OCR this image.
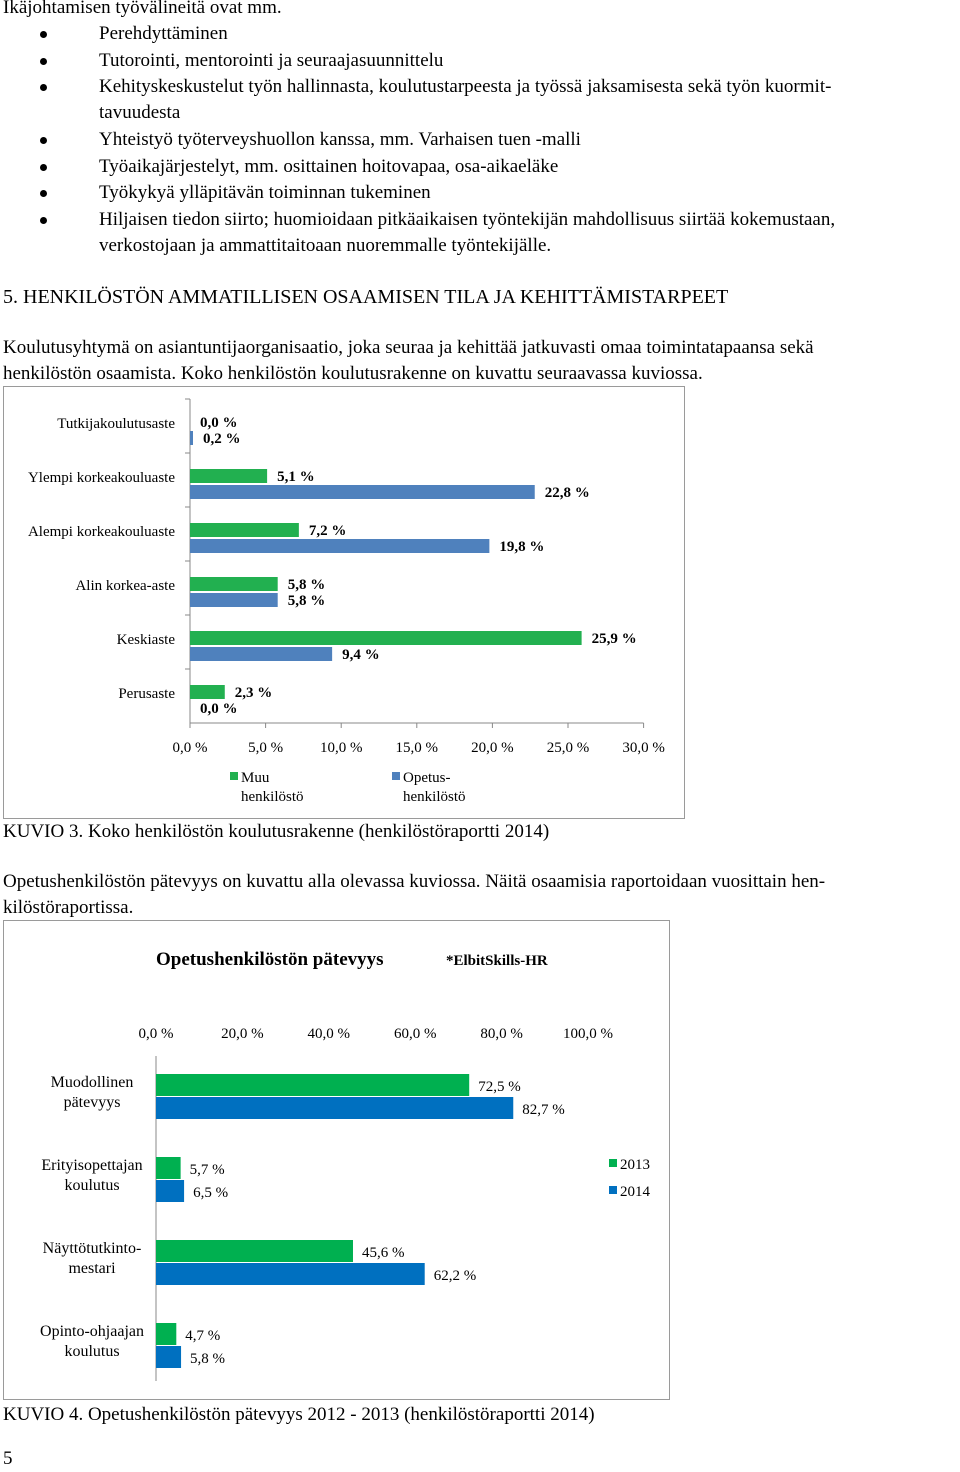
Ikäjohtamisen työvälineitä ovat mm.
Perehdyttäminen
Tutorointi, mentorointi ja seuraajasuunnittelu
Kehityskeskustelut työn hallinnasta, koulutustarpeesta ja työssä jaksamisesta sekä työn kuormit-
tavuudesta
Yhteistyö työterveyshuollon kanssa, mm. Varhaisen tuen -malli
Työaikajärjestelyt, mm. osittainen hoitovapaa, osa-aikaeläke
Työkykyä ylläpitävän toiminnan tukeminen
Hiljaisen tiedon siirto; huomioidaan pitkäaikaisen työntekijän mahdollisuus siirtää kokemustaan,
verkostojaan ja ammattitaitoaan nuoremmalle työntekijälle.
5. HENKILÖSTÖN AMMATILLISEN OSAAMISEN TILA JA KEHITTÄMISTARPEET
Koulutusyhtymä on asiantuntijaorganisaatio, joka seuraa ja kehittää jatkuvasti omaa toimintatapaansa sekä
henkilöstön osaamista. Koko henkilöstön koulutusrakenne on kuvattu seuraavassa kuviossa.
0,0 %	5,0 % 10,0 % 15,0 % 20,0 % 25,0 % 30,0 %
Tutkijakoulutusaste 0,0 %
0,2 %
Ylempi korkeakouluaste	5,1 %
22,8 %
Alempi korkeakouluaste	7,2 %
19,8 %
Alin korkea-aste	5,8 %
5,8 %
Keskiaste	25,9 %
9,4 %
Perusaste	2,3 %
0,0 %
Muu
henkilöstö
Opetus-
henkilöstö
KUVIO 3. Koko henkilöstön koulutusrakenne (henkilöstöraportti 2014)
Opetushenkilöstön pätevyys on kuvattu alla olevassa kuviossa. Näitä osaamisia raportoidaan vuosittain hen-
kilöstöraportissa.
Opetushenkilöstön pätevyys	*ElbitSkills-HR
0,0 %	20,0 %	40,0 %	60,0 %	80,0 %	100,0 %
Muodollinen
pätevyys
72,5 %
82,7 %
Erityisopettajan
koulutus
5,7 %
6,5 %
Näyttötutkinto-
mestari
45,6 %
62,2 %
Opinto-ohjaajan
koulutus
4,7 %
5,8 %
2013
2014
KUVIO 4. Opetushenkilöstön pätevyys 2012 - 2013 (henkilöstöraportti 2014)
5
